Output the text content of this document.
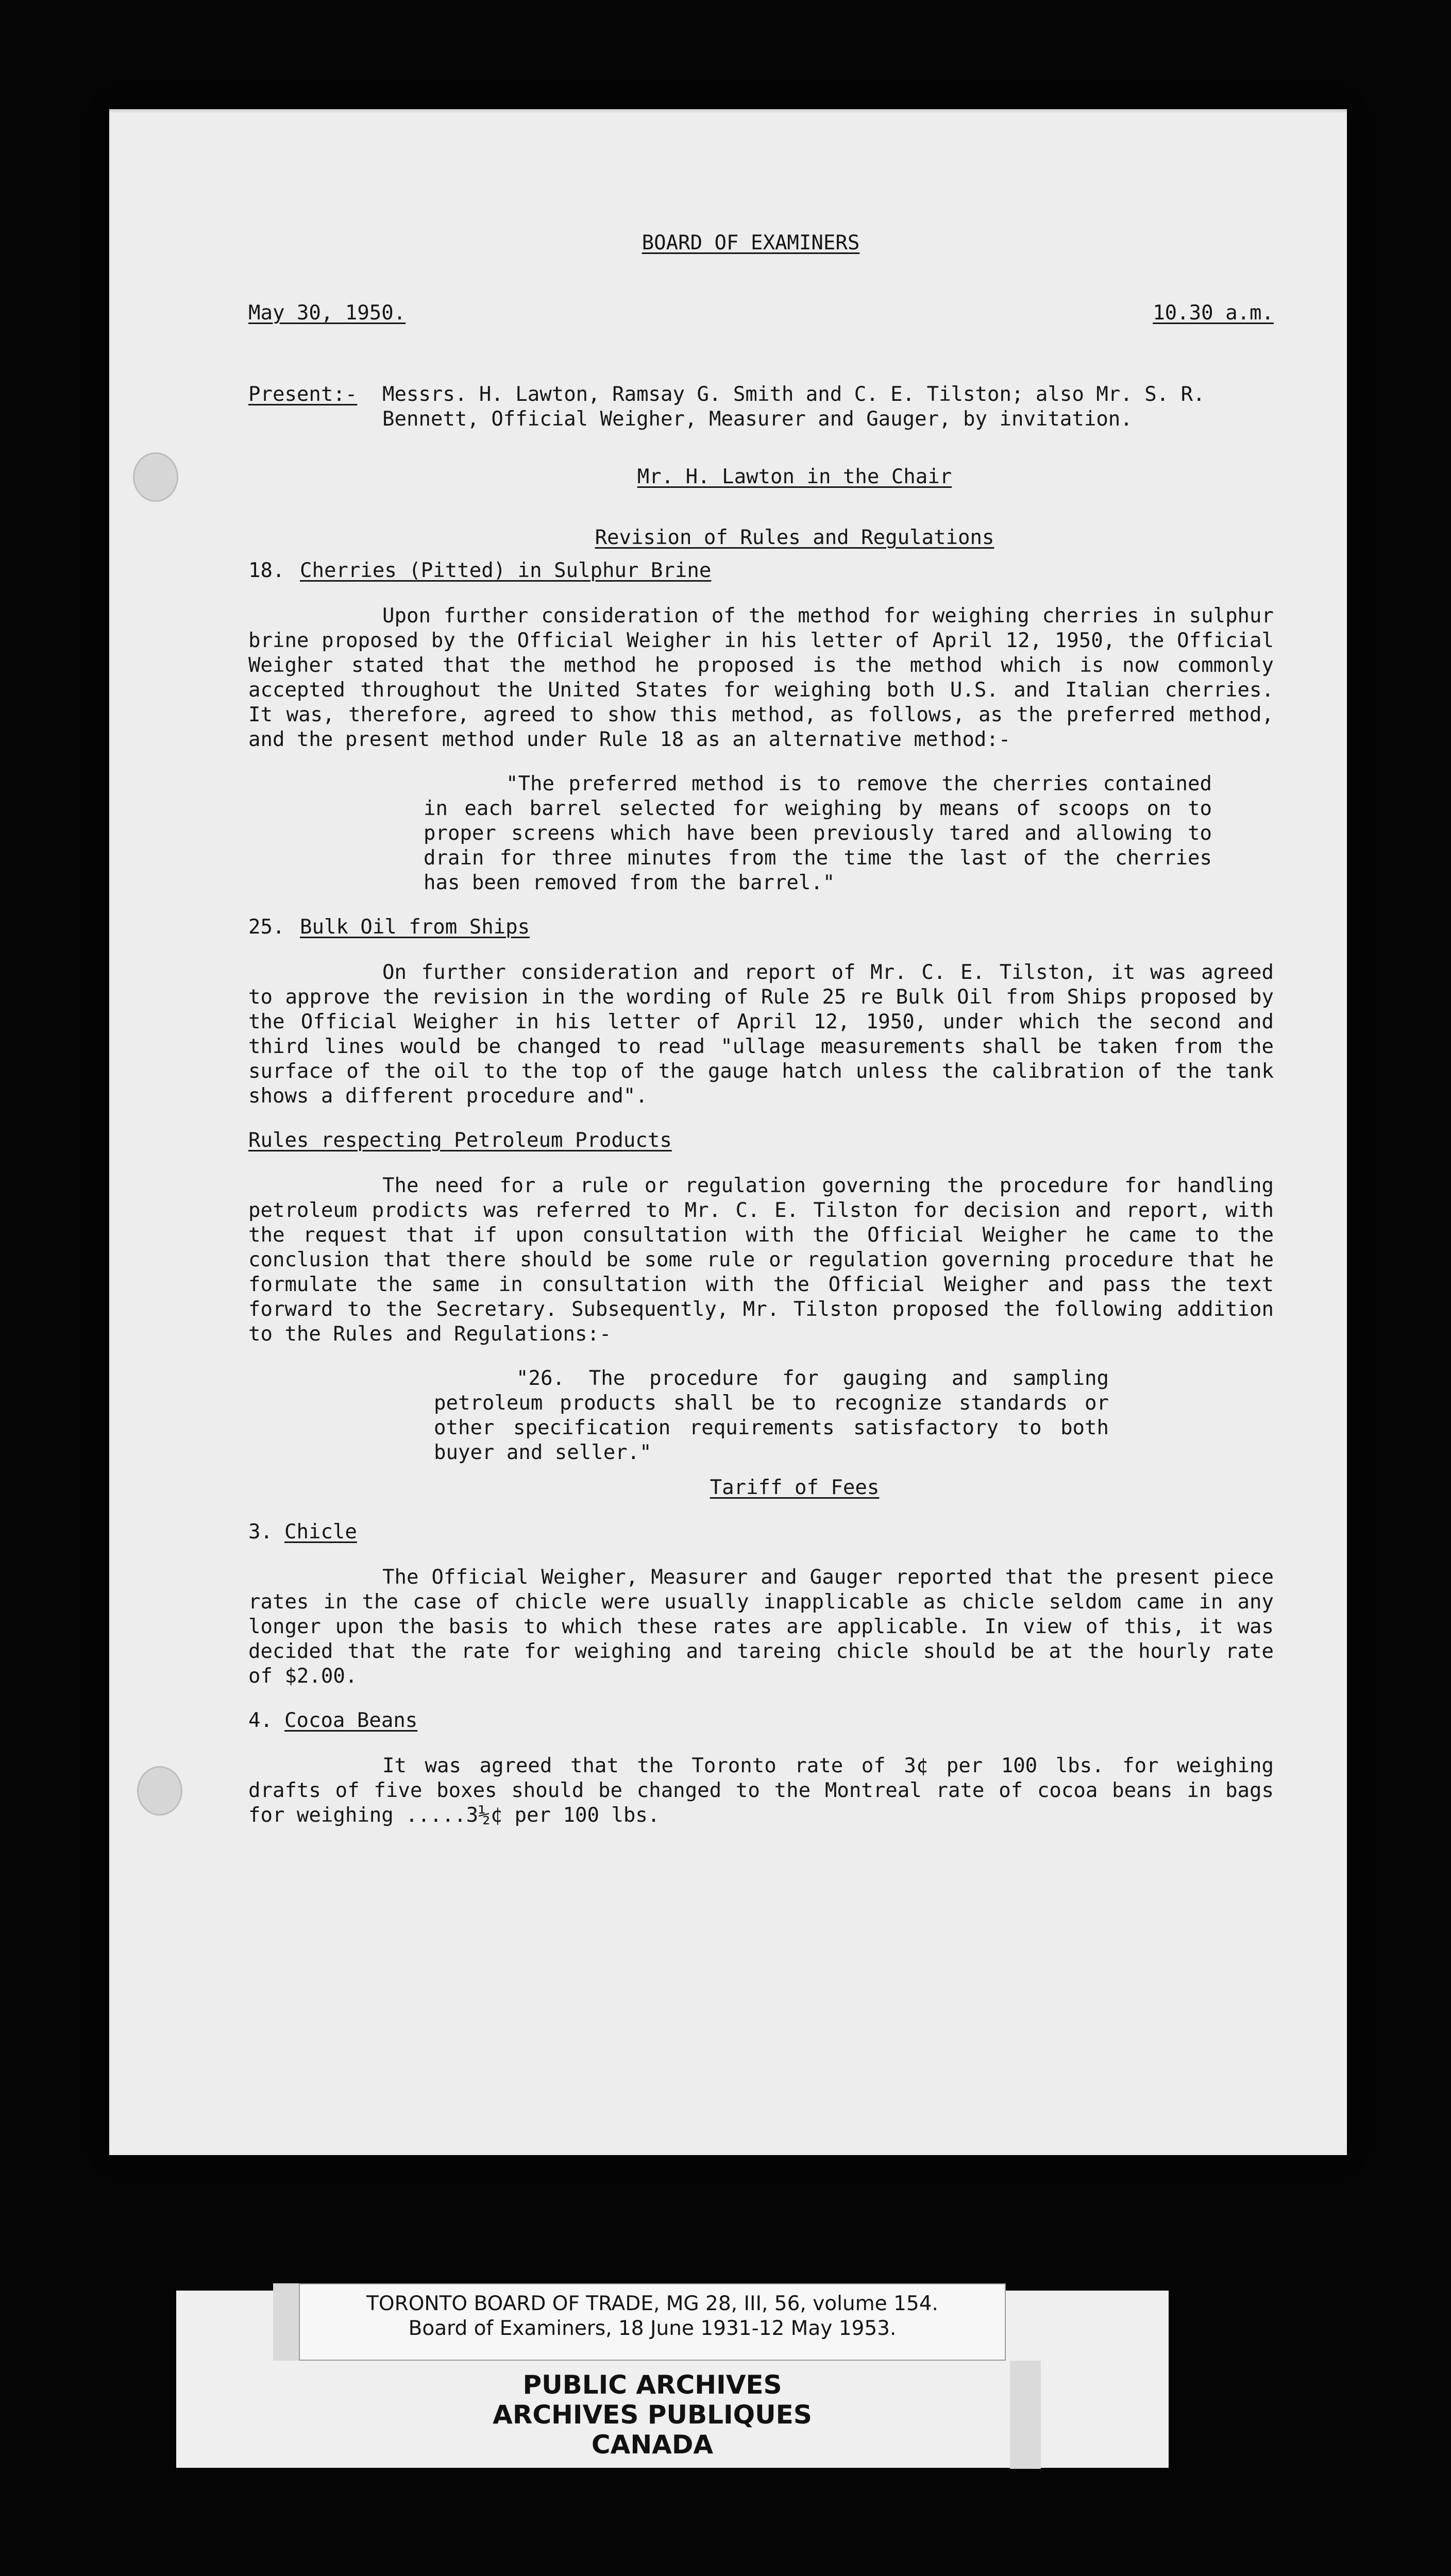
BOARD OF EXAMINERS
May 30, 1950.	10.30 a.m.
Present:-	Messrs. H. Lawton, Ramsay G. Smith and C. E. Tilston; also Mr. S. R. Bennett, Official Weigher, Measurer and Gauger, by invitation.
Mr. H. Lawton in the Chair
Revision of Rules and Regulations
18. Cherries (Pitted) in Sulphur Brine

Upon further consideration of the method for weighing cherries in sulphur brine proposed by the Official Weigher in his letter of April 12, 1950, the Official Weigher stated that the method he proposed is the method which is now commonly accepted throughout the United States for weighing both U.S. and Italian cherries. It was, therefore, agreed to show this method, as follows, as the preferred method, and the present method under Rule 18 as an alternative method:-

"The preferred method is to remove the cherries contained in each barrel selected for weighing by means of scoops on to proper screens which have been previously tared and allowing to drain for three minutes from the time the last of the cherries has been removed from the barrel."

25. Bulk Oil from Ships

On further consideration and report of Mr. C. E. Tilston, it was agreed to approve the revision in the wording of Rule 25 re Bulk Oil from Ships proposed by the Official Weigher in his letter of April 12, 1950, under which the second and third lines would be changed to read "ullage measurements shall be taken from the surface of the oil to the top of the gauge hatch unless the calibration of the tank shows a different procedure and".

Rules respecting Petroleum Products

The need for a rule or regulation governing the procedure for handling petroleum prodicts was referred to Mr. C. E. Tilston for decision and report, with the request that if upon consultation with the Official Weigher he came to the conclusion that there should be some rule or regulation governing procedure that he formulate the same in consultation with the Official Weigher and pass the text forward to the Secretary. Subsequently, Mr. Tilston proposed the following addition to the Rules and Regulations:-

"26. The procedure for gauging and sampling petroleum products shall be to recognize standards or other specification requirements satisfactory to both buyer and seller."

Tariff of Fees
3. Chicle

The Official Weigher, Measurer and Gauger reported that the present piece rates in the case of chicle were usually inapplicable as chicle seldom came in any longer upon the basis to which these rates are applicable. In view of this, it was decided that the rate for weighing and tareing chicle should be at the hourly rate of $2.00.

4. Cocoa Beans

It was agreed that the Toronto rate of 3¢ per 100 lbs. for weighing drafts of five boxes should be changed to the Montreal rate of cocoa beans in bags for weighing .....3½¢ per 100 lbs.

TORONTO BOARD OF TRADE, MG 28, III, 56, volume 154.
Board of Examiners, 18 June 1931-12 May 1953.
PUBLIC ARCHIVES
ARCHIVES PUBLIQUES
CANADA
